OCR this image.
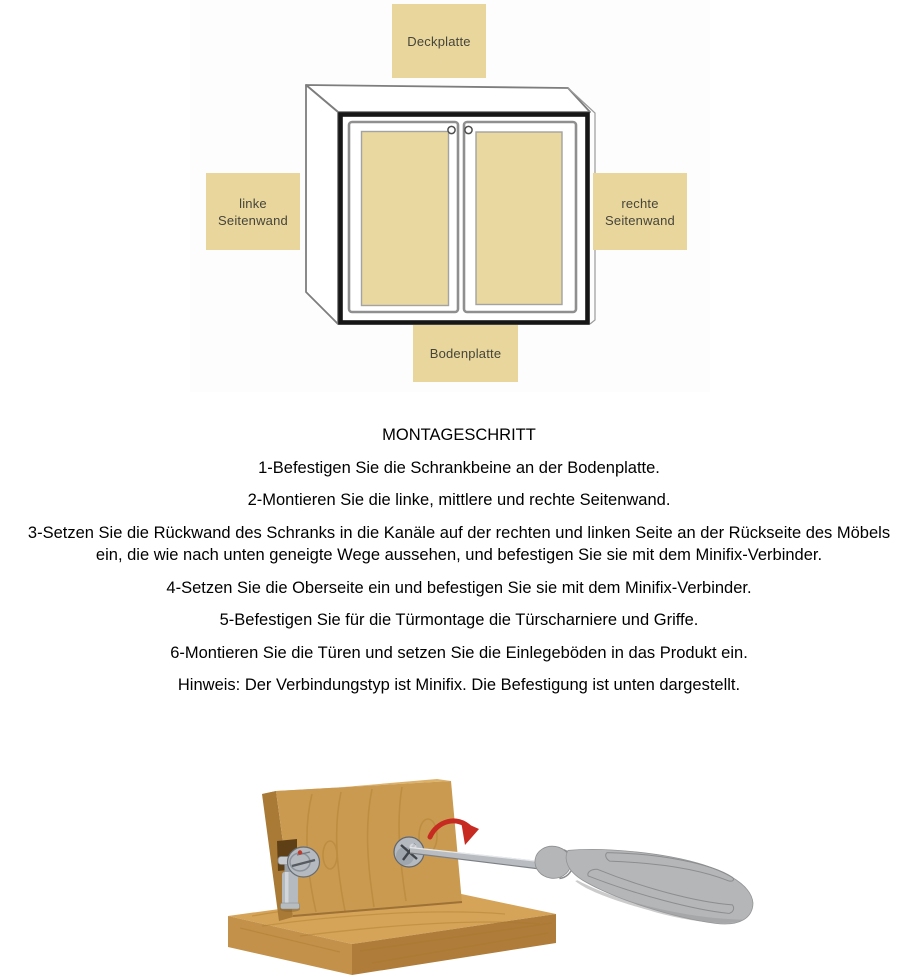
Deckplatte
linke
Seitenwand
rechte
Seitenwand
Bodenplatte

MONTAGESCHRITT

1-Befestigen Sie die Schrankbeine an der Bodenplatte.

2-Montieren Sie die linke, mittlere und rechte Seitenwand.

3-Setzen Sie die Rückwand des Schranks in die Kanäle auf der rechten und linken Seite an der Rückseite des Möbels ein, die wie nach unten geneigte Wege aussehen, und befestigen Sie sie mit dem Minifix-Verbinder.

4-Setzen Sie die Oberseite ein und befestigen Sie sie mit dem Minifix-Verbinder.

5-Befestigen Sie für die Türmontage die Türscharniere und Griffe.

6-Montieren Sie die Türen und setzen Sie die Einlegeböden in das Produkt ein.

Hinweis: Der Verbindungstyp ist Minifix. Die Befestigung ist unten dargestellt.
